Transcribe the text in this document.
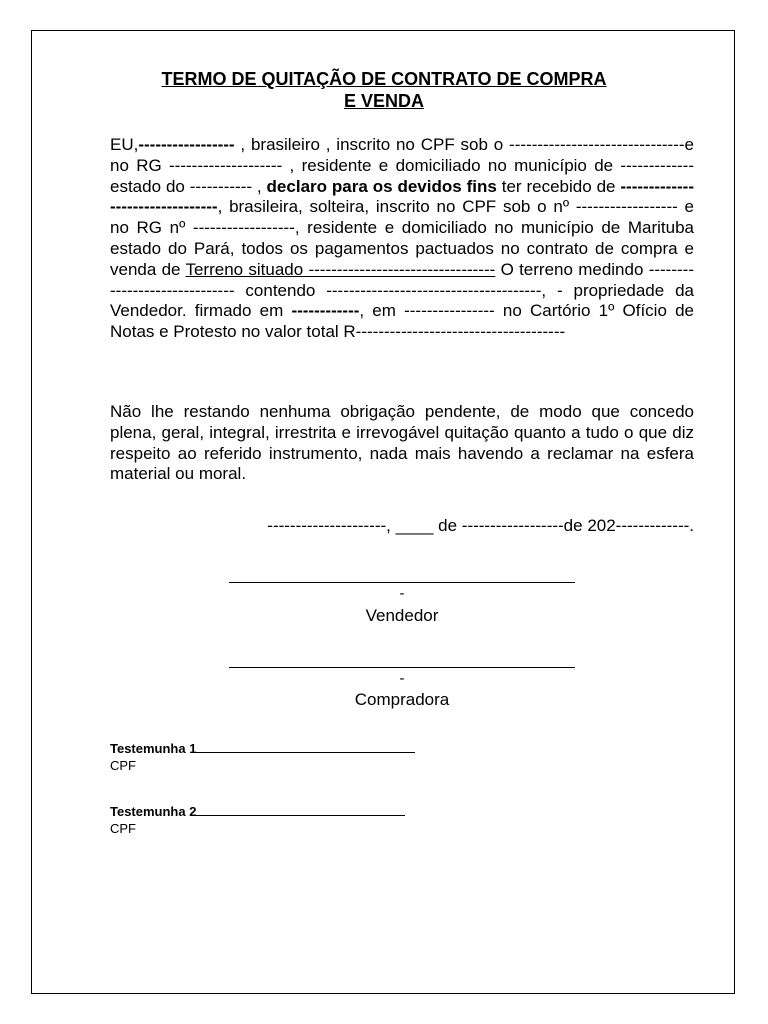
TERMO DE QUITAÇÃO DE CONTRATO DE COMPRA
E VENDA
EU,----------------- , brasileiro , inscrito no CPF sob o -------------------------------e no RG -------------------- , residente e domiciliado no município de ------------- estado do ----------- , declaro para os devidos fins ter recebido de --------------------------------, brasileira, solteira, inscrito no CPF sob o nº ------------------ e no RG nº ------------------, residente e domiciliado no município de Marituba estado do Pará, todos os pagamentos pactuados no contrato de compra e venda de Terreno situado --------------------------------- O terreno medindo ------------------------------ contendo --------------------------------------, - propriedade da Vendedor. firmado em ------------, em ---------------- no Cartório 1º Ofício de Notas e Protesto no valor total R-------------------------------------
Não lhe restando nenhuma obrigação pendente, de modo que concedo plena, geral, integral, irrestrita e irrevogável quitação quanto a tudo o que diz respeito ao referido instrumento, nada mais havendo a reclamar na esfera material ou moral.
---------------------, ____ de ------------------de 202-------------.
-
Vendedor
-
Compradora
Testemunha 1
CPF
Testemunha 2
CPF
